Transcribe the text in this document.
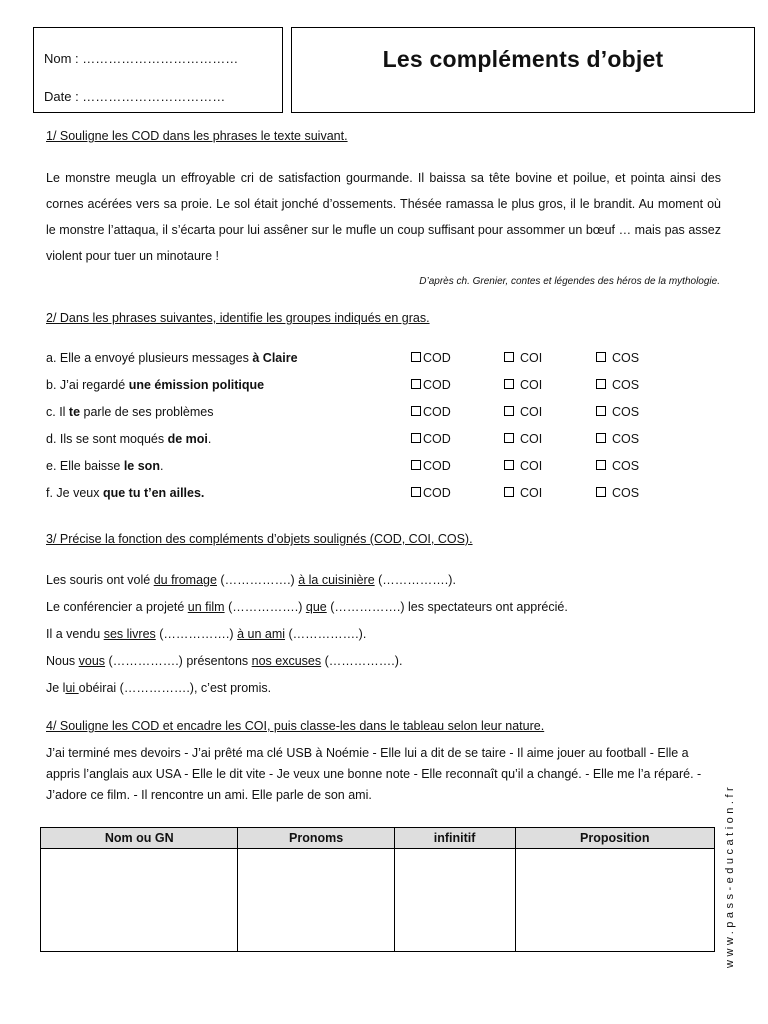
Nom : ………………………………
Date : ……………………………
Les compléments d’objet
1/ Souligne les COD dans les phrases le texte suivant.
Le monstre meugla un effroyable cri de satisfaction gourmande. Il baissa sa tête bovine et poilue, et pointa ainsi des cornes acérées vers sa proie. Le sol était jonché d’ossements. Thésée ramassa le plus gros, il le brandit. Au moment où le monstre l’attaqua, il s’écarta pour lui assêner sur le mufle un coup suffisant pour assommer un bœuf … mais pas assez violent pour tuer un minotaure !
D’après ch. Grenier, contes et légendes des héros de la mythologie.
2/ Dans les phrases suivantes, identifie les groupes indiqués en gras.
a. Elle a envoyé plusieurs messages à Claire	COD	COI	COS
b. J’ai regardé une émission politique	COD	COI	COS
c. Il te parle de ses problèmes	COD	COI	COS
d. Ils se sont moqués de moi.	COD	COI	COS
e. Elle baisse le son.	COD	COI	COS
f. Je veux que tu t’en ailles.	COD	COI	COS
3/ Précise la fonction des compléments d’objets soulignés (COD, COI, COS).
Les souris ont volé du fromage (…………….) à la cuisinière (…………….).
Le conférencier a projeté un film (…………….) que (…………….) les spectateurs ont apprécié.
Il a vendu ses livres (…………….) à un ami (…………….).
Nous vous (…………….) présentons nos excuses (…………….).
Je lui obéirai (…………….), c’est promis.
4/ Souligne les COD et encadre les COI, puis classe-les dans le tableau selon leur nature.
J’ai terminé mes devoirs - J’ai prêté ma clé USB à Noémie - Elle lui a dit de se taire - Il aime jouer au football - Elle a appris l’anglais aux USA - Elle le dit vite - Je veux une bonne note - Elle reconnaît qu’il a changé. - Elle me l’a réparé. - J’adore ce film. - Il rencontre un ami. Elle parle de son ami.
Nom ou GN	Pronoms	infinitif	Proposition
				www.pass-education.fr
